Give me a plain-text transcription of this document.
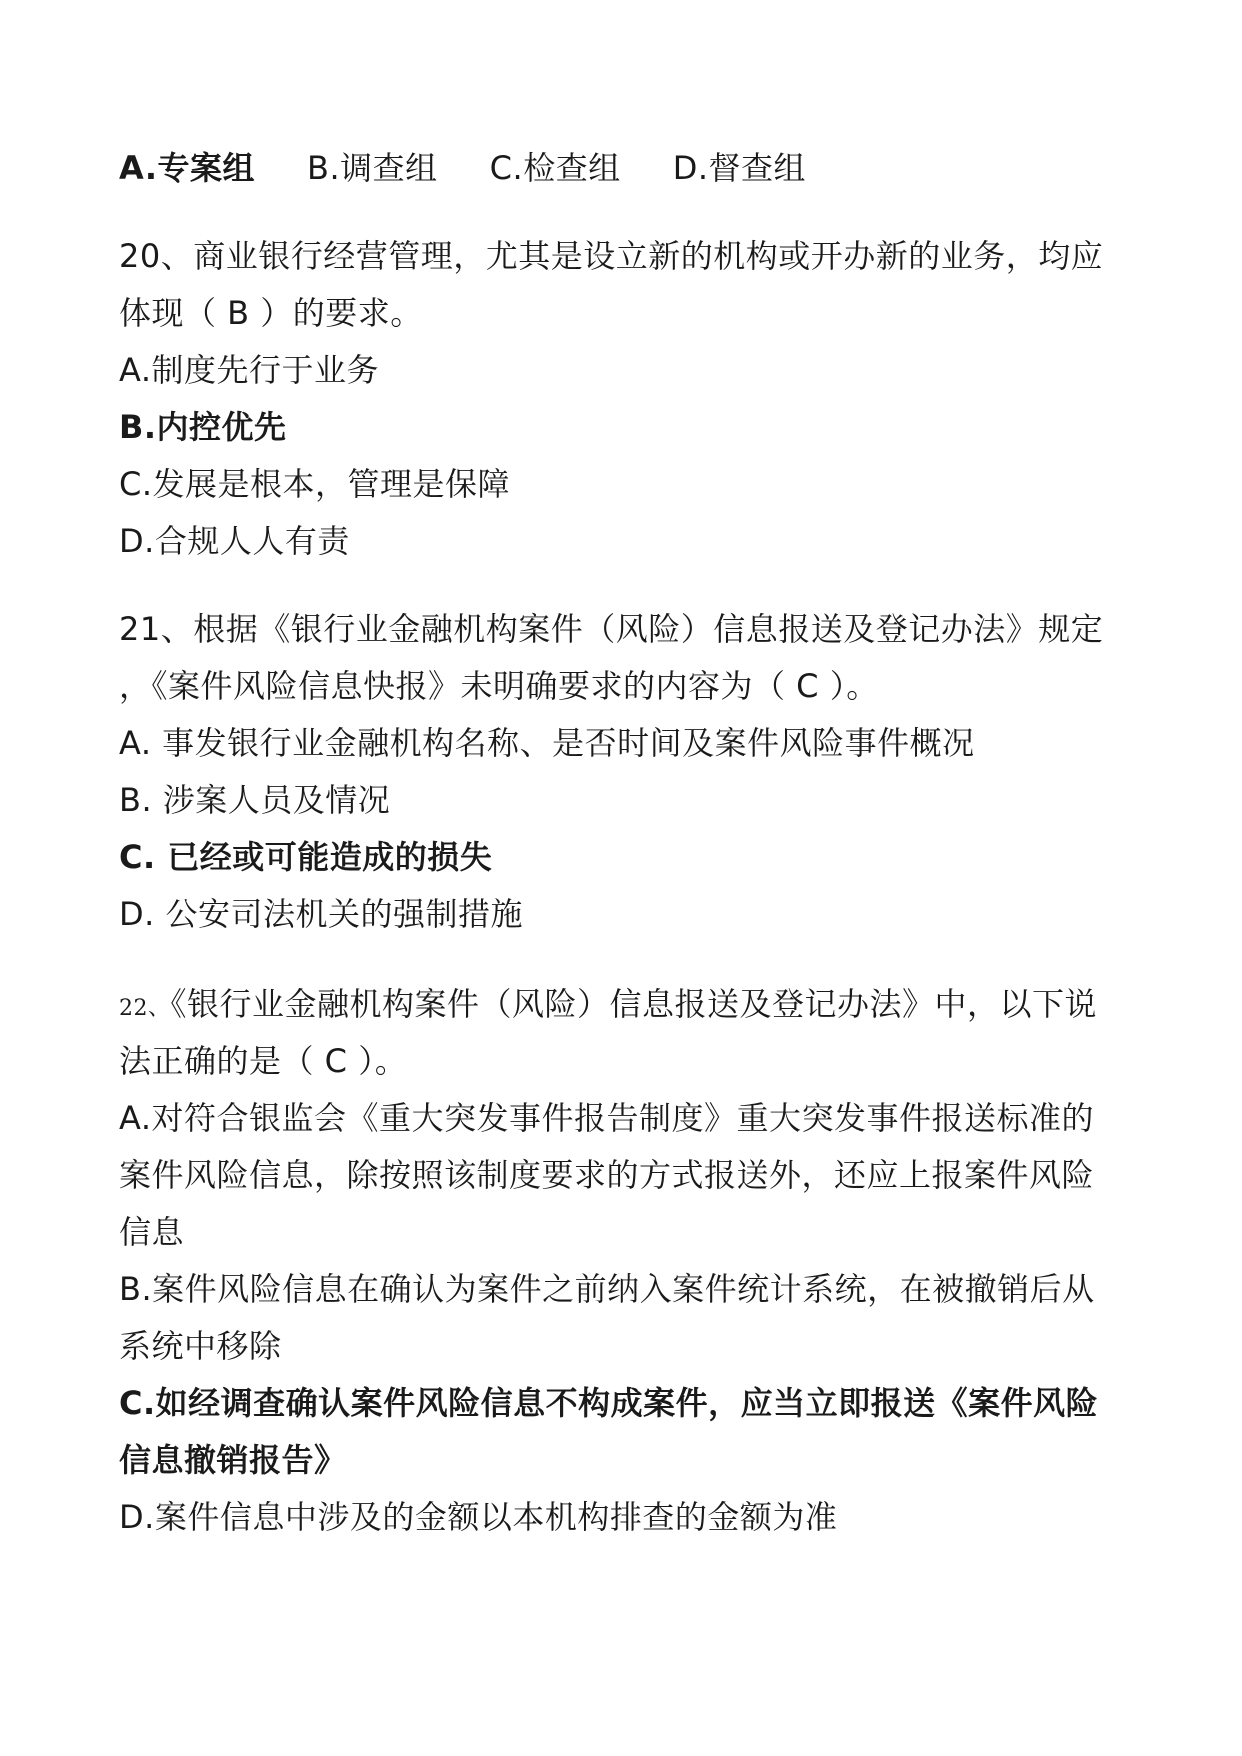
A.专案组 B.调查组 C.检查组 D.督查组
20、商业银行经营管理，尤其是设立新的机构或开办新的业务，均应
体现（ B ）的要求。
A.制度先行于业务
B.内控优先
C.发展是根本，管理是保障
D.合规人人有责
21、根据《银行业金融机构案件（风险）信息报送及登记办法》规定
，《案件风险信息快报》未明确要求的内容为（ C ）。
A. 事发银行业金融机构名称、是否时间及案件风险事件概况
B. 涉案人员及情况
C. 已经或可能造成的损失
D. 公安司法机关的强制措施
22、《银行业金融机构案件（风险）信息报送及登记办法》中，以下说
法正确的是（ C ）。
A.对符合银监会《重大突发事件报告制度》重大突发事件报送标准的
案件风险信息，除按照该制度要求的方式报送外，还应上报案件风险
信息
B.案件风险信息在确认为案件之前纳入案件统计系统，在被撤销后从
系统中移除
C.如经调查确认案件风险信息不构成案件，应当立即报送《案件风险
信息撤销报告》
D.案件信息中涉及的金额以本机构排查的金额为准
